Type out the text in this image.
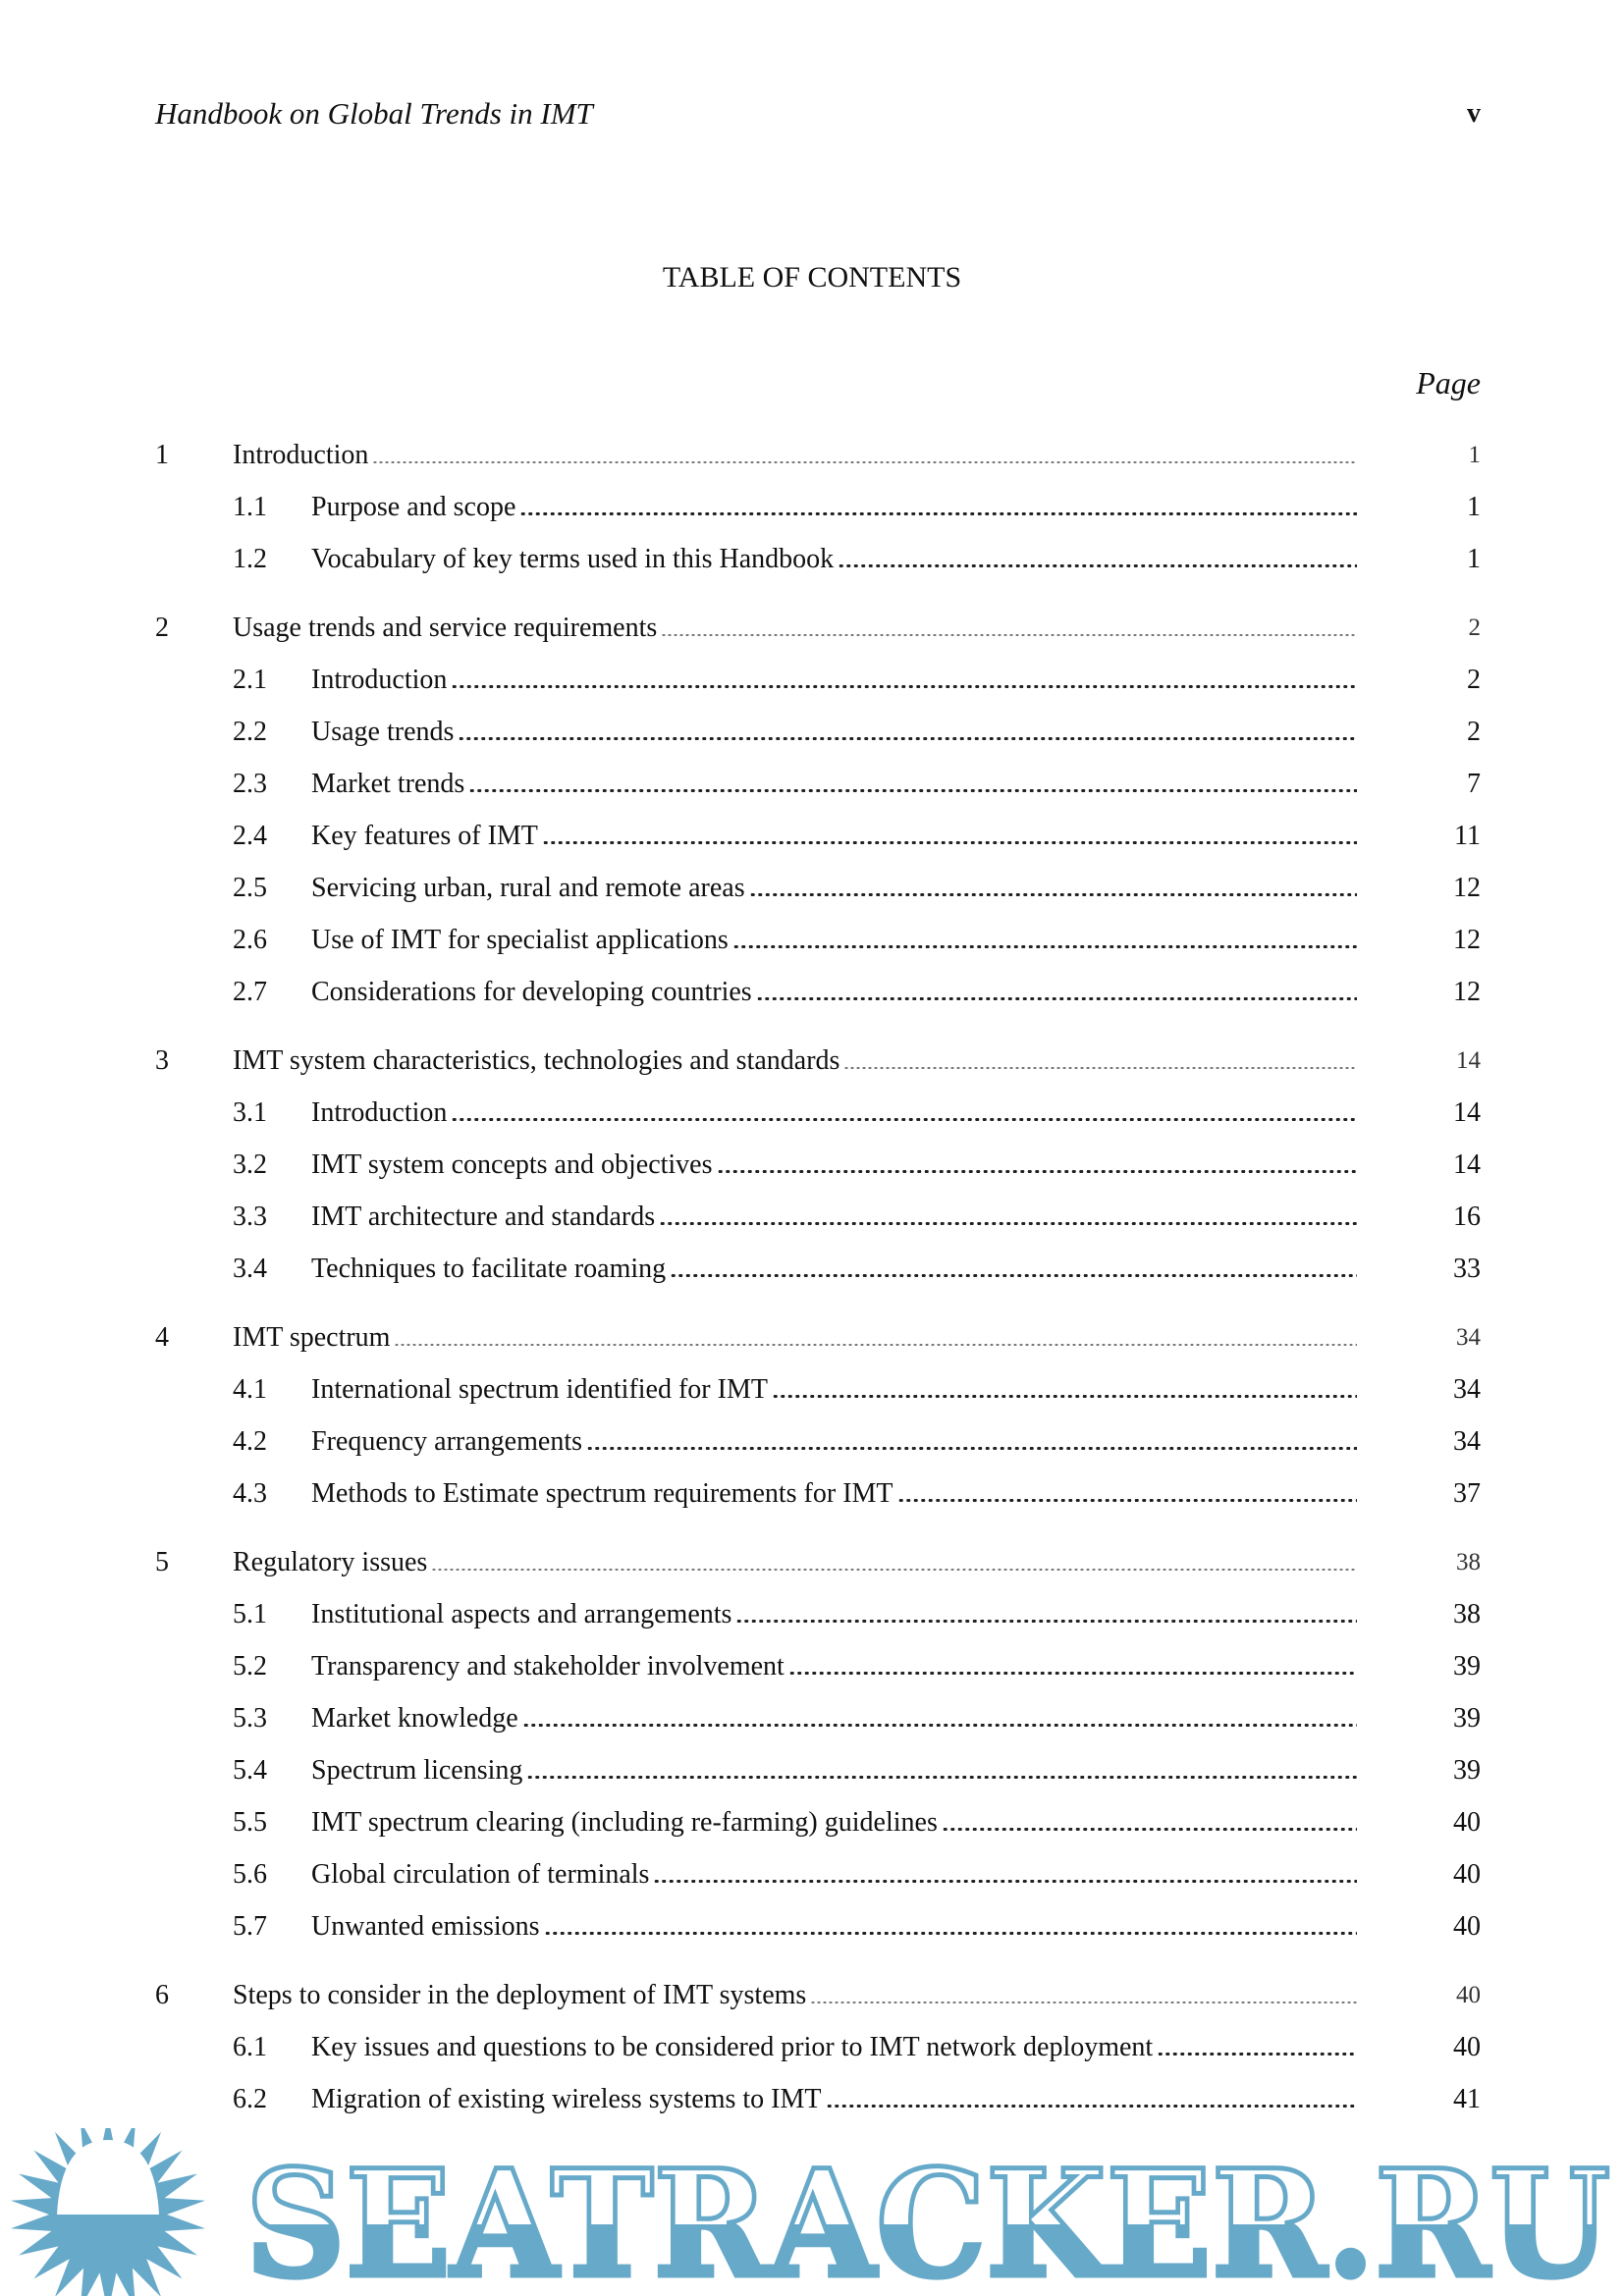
Handbook on Global Trends in IMT	v
TABLE OF CONTENTS
Page
1	Introduction	1
1.1	Purpose and scope	1
1.2	Vocabulary of key terms used in this Handbook	1
2	Usage trends and service requirements	2
2.1	Introduction	2
2.2	Usage trends	2
2.3	Market trends	7
2.4	Key features of IMT	11
2.5	Servicing urban, rural and remote areas	12
2.6	Use of IMT for specialist applications	12
2.7	Considerations for developing countries	12
3	IMT system characteristics, technologies and standards	14
3.1	Introduction	14
3.2	IMT system concepts and objectives	14
3.3	IMT architecture and standards	16
3.4	Techniques to facilitate roaming	33
4	IMT spectrum	34
4.1	International spectrum identified for IMT	34
4.2	Frequency arrangements	34
4.3	Methods to Estimate spectrum requirements for IMT	37
5	Regulatory issues	38
5.1	Institutional aspects and arrangements	38
5.2	Transparency and stakeholder involvement	39
5.3	Market knowledge	39
5.4	Spectrum licensing	39
5.5	IMT spectrum clearing (including re-farming) guidelines	40
5.6	Global circulation of terminals	40
5.7	Unwanted emissions	40
6	Steps to consider in the deployment of IMT systems	40
6.1	Key issues and questions to be considered prior to IMT network deployment	40
6.2	Migration of existing wireless systems to IMT	41
SEATRACKER.RU
